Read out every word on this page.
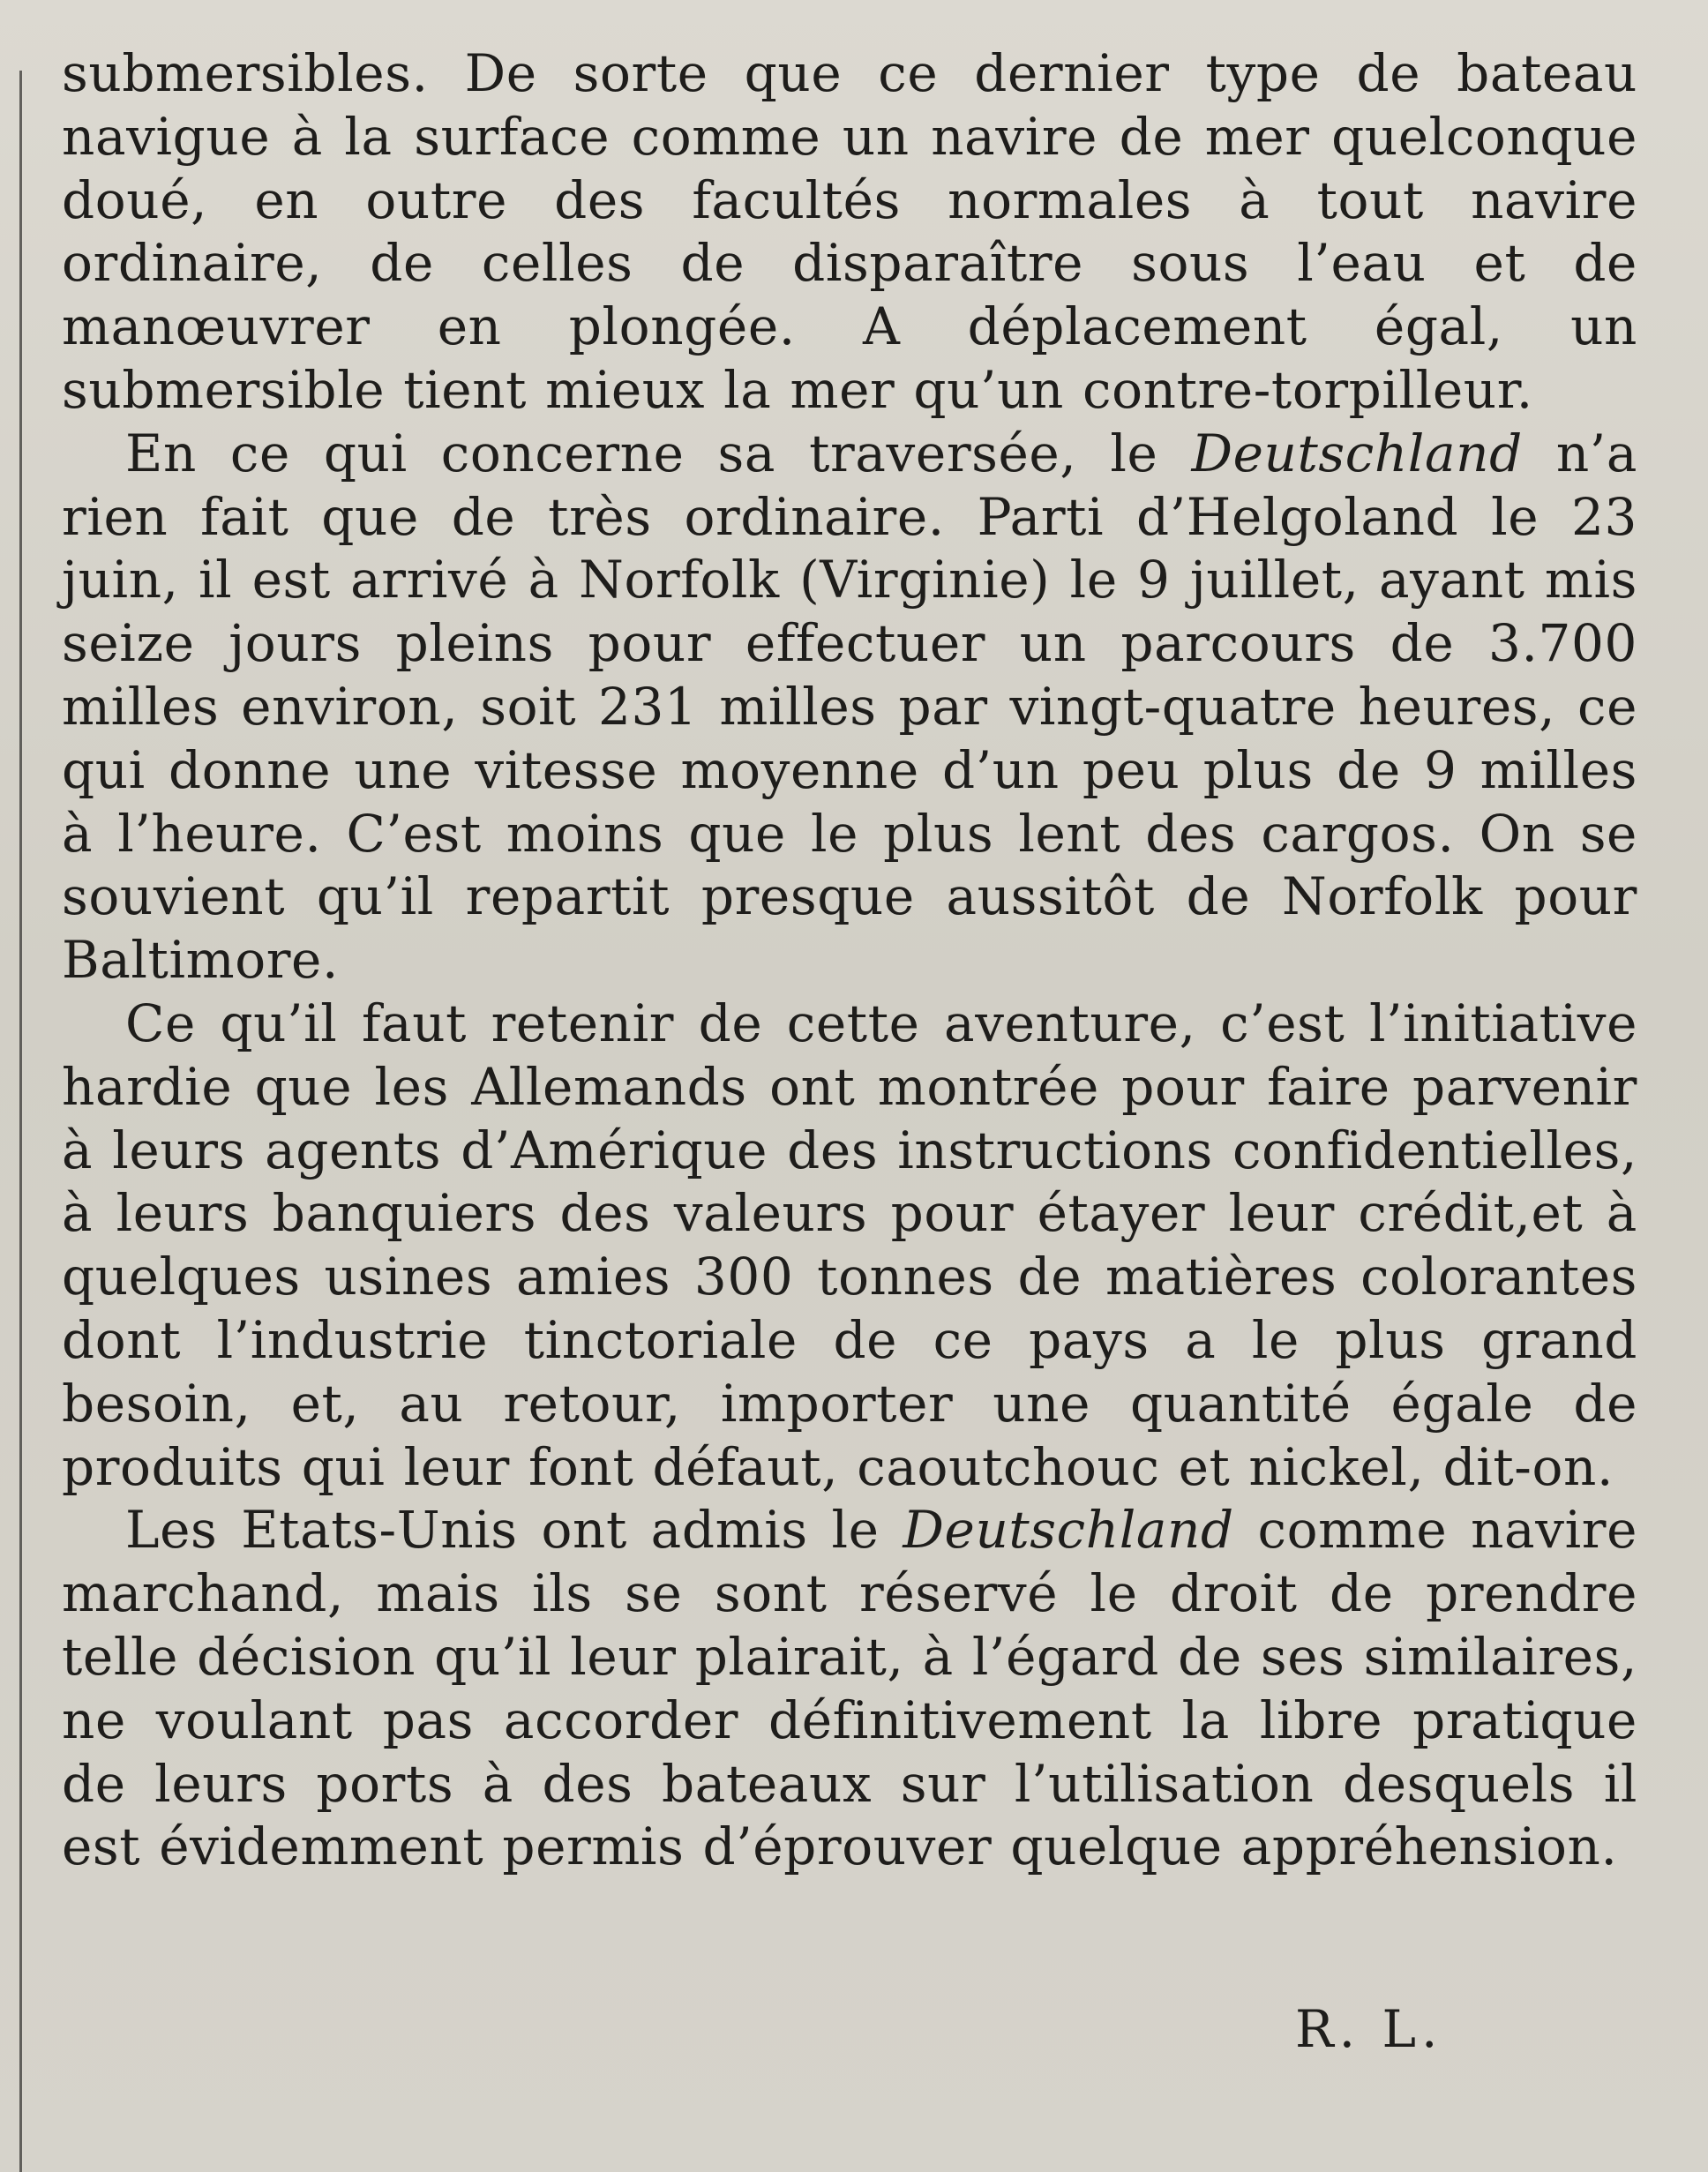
submersibles. De sorte que ce dernier type de bateau navigue à la surface comme un navire de mer quelconque doué, en outre des facultés normales à tout navire ordinaire, de celles de disparaître sous l’eau et de manœuvrer en plongée. A déplacement égal, un submersible tient mieux la mer qu’un contre-torpilleur.

En ce qui concerne sa traversée, le Deutschland n’a rien fait que de très ordinaire. Parti d’Helgoland le 23 juin, il est arrivé à Norfolk (Virginie) le 9 juillet, ayant mis seize jours pleins pour effectuer un parcours de 3.700 milles environ, soit 231 milles par vingt-quatre heures, ce qui donne une vitesse moyenne d’un peu plus de 9 milles à l’heure. C’est moins que le plus lent des cargos. On se souvient qu’il repartit presque aussitôt de Norfolk pour Baltimore.

Ce qu’il faut retenir de cette aventure, c’est l’initiative hardie que les Allemands ont montrée pour faire parvenir à leurs agents d’Amérique des instructions confidentielles, à leurs banquiers des valeurs pour étayer leur crédit,et à quelques usines amies 300 tonnes de matières colorantes dont l’industrie tinctoriale de ce pays a le plus grand besoin, et, au retour, importer une quantité égale de produits qui leur font défaut, caoutchouc et nickel, dit-on.

Les Etats-Unis ont admis le Deutschland comme navire marchand, mais ils se sont réservé le droit de prendre telle décision qu’il leur plairait, à l’égard de ses similaires, ne voulant pas accorder définitivement la libre pratique de leurs ports à des bateaux sur l’utilisation desquels il est évidemment permis d’éprouver quelque appréhension.

R. L.
